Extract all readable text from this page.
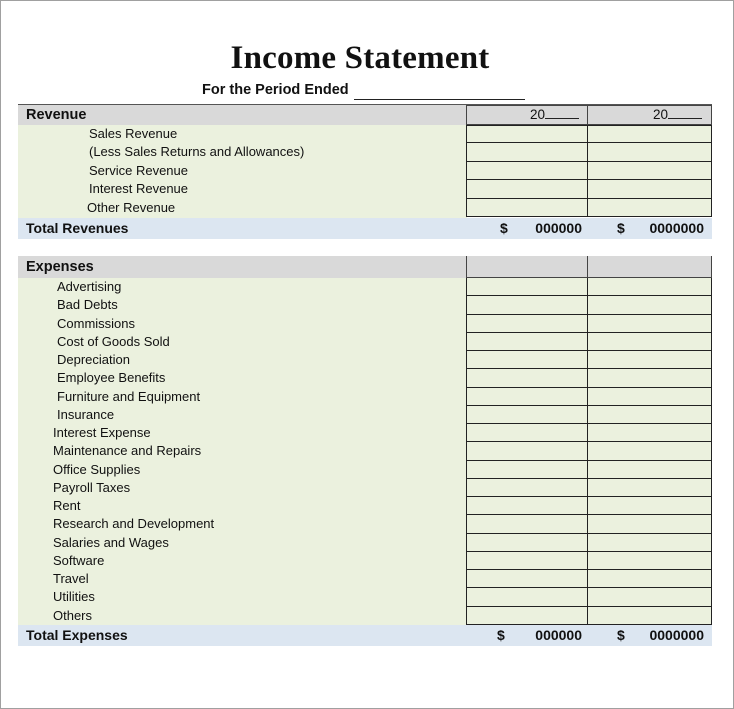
Income Statement
For the Period Ended
Revenue	20	20
Sales Revenue
(Less Sales Returns and Allowances)
Service Revenue
Interest Revenue
Other Revenue
Total Revenues	$	000000	$	0000000
Expenses
Advertising
Bad Debts
Commissions
Cost of Goods Sold
Depreciation
Employee Benefits
Furniture and Equipment
Insurance
Interest Expense
Maintenance and Repairs
Office Supplies
Payroll Taxes
Rent
Research and Development
Salaries and Wages
Software
Travel
Utilities
Others
Total Expenses	$	000000	$	0000000
